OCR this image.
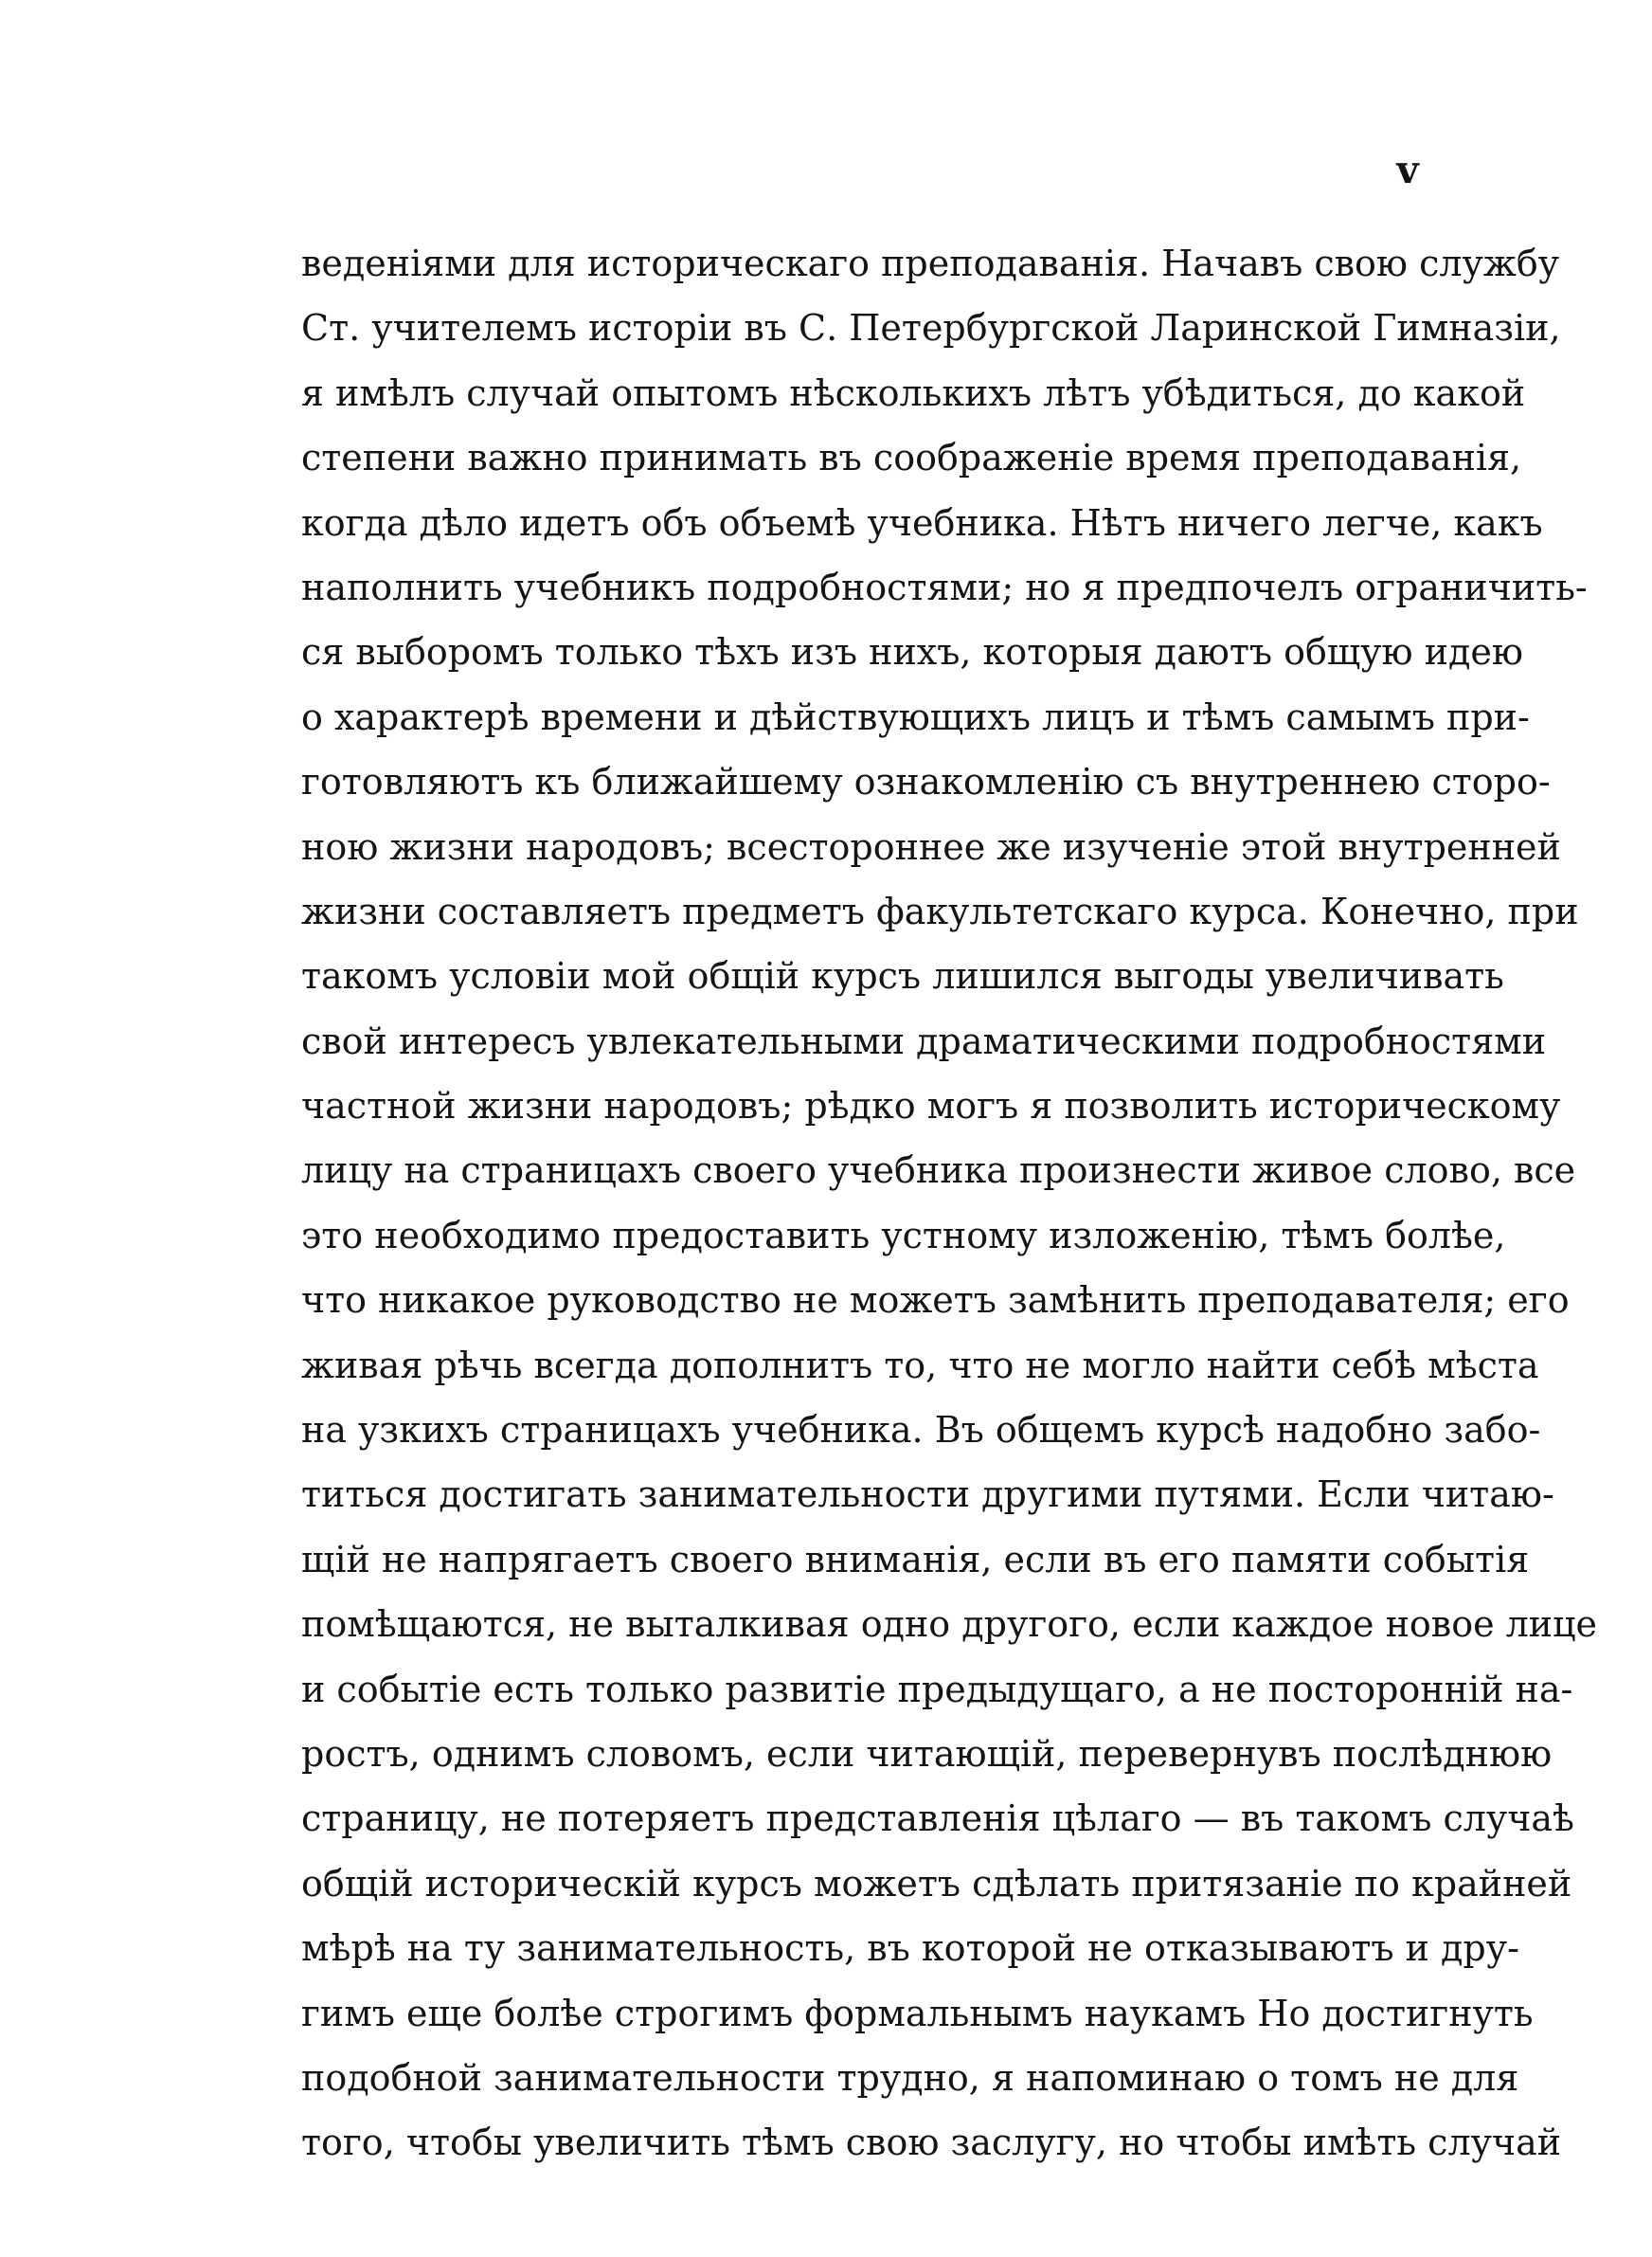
v
веденіями для историческаго преподаванія. Начавъ свою службу
Ст. учителемъ исторіи въ С. Петербургской Ларинской Гимназіи,
я имѣлъ случай опытомъ нѣсколькихъ лѣтъ убѣдиться, до какой
степени важно принимать въ соображеніе время преподаванія,
когда дѣло идетъ объ объемѣ учебника. Нѣтъ ничего легче, какъ
наполнить учебникъ подробностями; но я предпочелъ ограничить-
ся выборомъ только тѣхъ изъ нихъ, которыя даютъ общую идею
о характерѣ времени и дѣйствующихъ лицъ и тѣмъ самымъ при-
готовляютъ къ ближайшему ознакомленію съ внутреннею сторо-
ною жизни народовъ; всестороннее же изученіе этой внутренней
жизни составляетъ предметъ факультетскаго курса. Конечно, при
такомъ условіи мой общій курсъ лишился выгоды увеличивать
свой интересъ увлекательными драматическими подробностями
частной жизни народовъ; рѣдко могъ я позволить историческому
лицу на страницахъ своего учебника произнести живое слово, все
это необходимо предоставить устному изложенію, тѣмъ болѣе,
что никакое руководство не можетъ замѣнить преподавателя; его
живая рѣчь всегда дополнитъ то, что не могло найти себѣ мѣста
на узкихъ страницахъ учебника. Въ общемъ курсѣ надобно забо-
титься достигать занимательности другими путями. Если читаю-
щій не напрягаетъ своего вниманія, если въ его памяти событія
помѣщаются, не выталкивая одно другого, если каждое новое лице
и событіе есть только развитіе предыдущаго, а не посторонній на-
ростъ, однимъ словомъ, если читающій, перевернувъ послѣднюю
страницу, не потеряетъ представленія цѣлаго — въ такомъ случаѣ
общій историческій курсъ можетъ сдѣлать притязаніе по крайней
мѣрѣ на ту занимательность, въ которой не отказываютъ и дру-
гимъ еще болѣе строгимъ формальнымъ наукамъ Но достигнуть
подобной занимательности трудно, я напоминаю о томъ не для
того, чтобы увеличить тѣмъ свою заслугу, но чтобы имѣть случай
